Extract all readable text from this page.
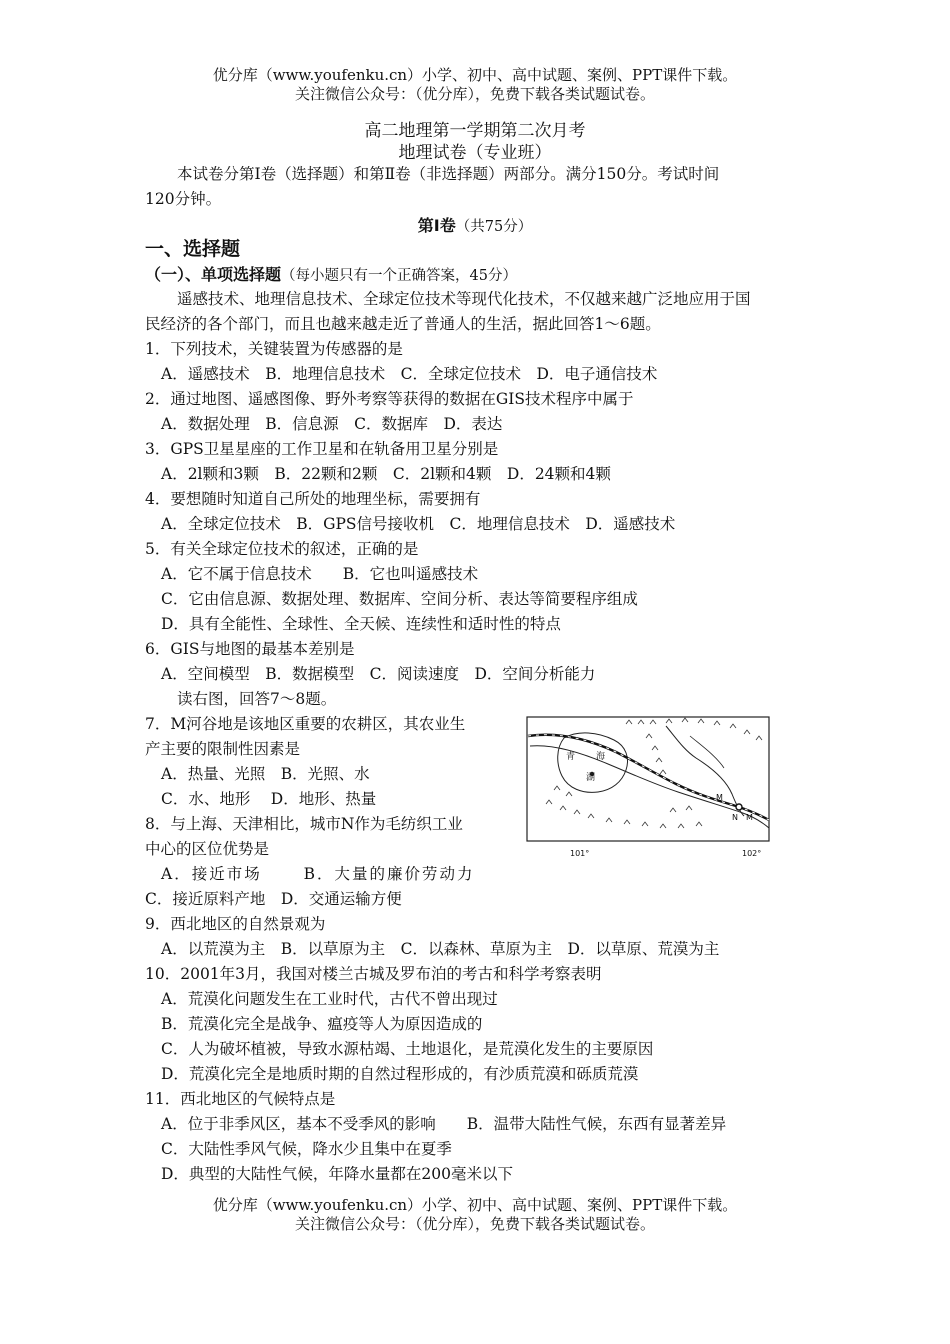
优分库（www.youfenku.cn）小学、初中、高中试题、案例、PPT课件下载。
关注微信公众号：（优分库），免费下载各类试题试卷。
高二地理第一学期第二次月考
地理试卷（专业班）
本试卷分第Ⅰ卷（选择题）和第Ⅱ卷（非选择题）两部分。满分150分。考试时间
120分钟。
第Ⅰ卷（共75分）
一、选择题
（一）、单项选择题（每小题只有一个正确答案，45分）
遥感技术、地理信息技术、全球定位技术等现代化技术，不仅越来越广泛地应用于国
民经济的各个部门，而且也越来越走近了普通人的生活，据此回答1～6题。
1．下列技术，关键装置为传感器的是
A．遥感技术　B．地理信息技术　C．全球定位技术　D．电子通信技术
2．通过地图、遥感图像、野外考察等获得的数据在GIS技术程序中属于
A．数据处理　B．信息源　C．数据库　D．表达
3．GPS卫星星座的工作卫星和在轨备用卫星分别是
A．2l颗和3颗　B．22颗和2颗　C．2l颗和4颗　D．24颗和4颗
4．要想随时知道自己所处的地理坐标，需要拥有
A．全球定位技术　B．GPS信号接收机　C．地理信息技术　D．遥感技术
5．有关全球定位技术的叙述，正确的是
A．它不属于信息技术　　B．它也叫遥感技术
C．它由信息源、数据处理、数据库、空间分析、表达等简要程序组成
D．具有全能性、全球性、全天候、连续性和适时性的特点
6．GIS与地图的最基本差别是
A．空间模型　B．数据模型　C．阅读速度　D．空间分析能力
读右图，回答7～8题。
7．M河谷地是该地区重要的农耕区，其农业生
产主要的限制性因素是
A．热量、光照　B．光照、水
C．水、地形　 D．地形、热量
8．与上海、天津相比，城市N作为毛纺织工业
中心的区位优势是
A．接近市场　　 B．大量的廉价劳动力
C．接近原料产地　D．交通运输方便
9．西北地区的自然景观为
A．以荒漠为主　B．以草原为主　C．以森林、草原为主　D．以草原、荒漠为主
10．2001年3月，我国对楼兰古城及罗布泊的考古和科学考察表明
A．荒漠化问题发生在工业时代，古代不曾出现过
B．荒漠化完全是战争、瘟疫等人为原因造成的
C．人为破坏植被，导致水源枯竭、土地退化，是荒漠化发生的主要原因
D．荒漠化完全是地质时期的自然过程形成的，有沙质荒漠和砾质荒漠
11．西北地区的气候特点是
A．位于非季风区，基本不受季风的影响　　B．温带大陆性气候，东西有显著差异
C．大陆性季风气候，降水少且集中在夏季
D．典型的大陆性气候，年降水量都在200毫米以下
青 海
湖
M
N M
101°	102°
优分库（www.youfenku.cn）小学、初中、高中试题、案例、PPT课件下载。
关注微信公众号：（优分库），免费下载各类试题试卷。
